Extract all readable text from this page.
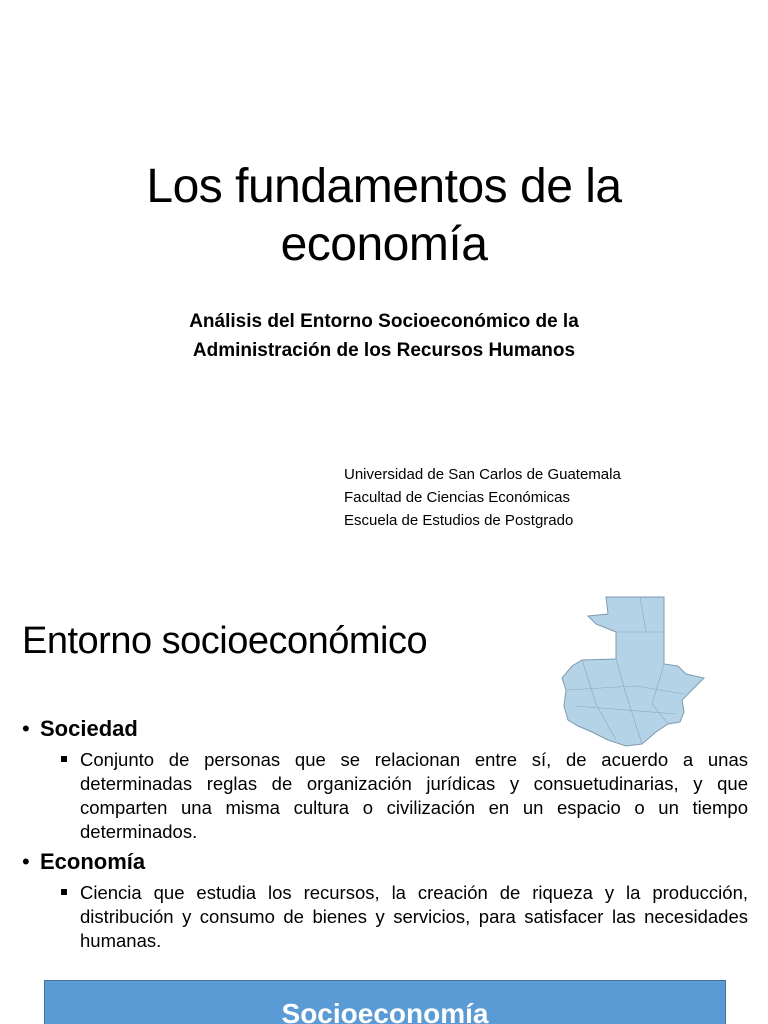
Los fundamentos de la
economía
Análisis del Entorno Socioeconómico de la
Administración de los Recursos Humanos
Universidad de San Carlos de Guatemala
Facultad de Ciencias Económicas
Escuela de Estudios de Postgrado
Entorno socioeconómico
• Sociedad
Conjunto de personas que se relacionan entre sí, de acuerdo a unas determinadas reglas de organización jurídicas y consuetudinarias, y que comparten una misma cultura o civilización en un espacio o un tiempo determinados.
• Economía
Ciencia que estudia los recursos, la creación de riqueza y la producción, distribución y consumo de bienes y servicios, para satisfacer las necesidades humanas.
Socioeconomía
